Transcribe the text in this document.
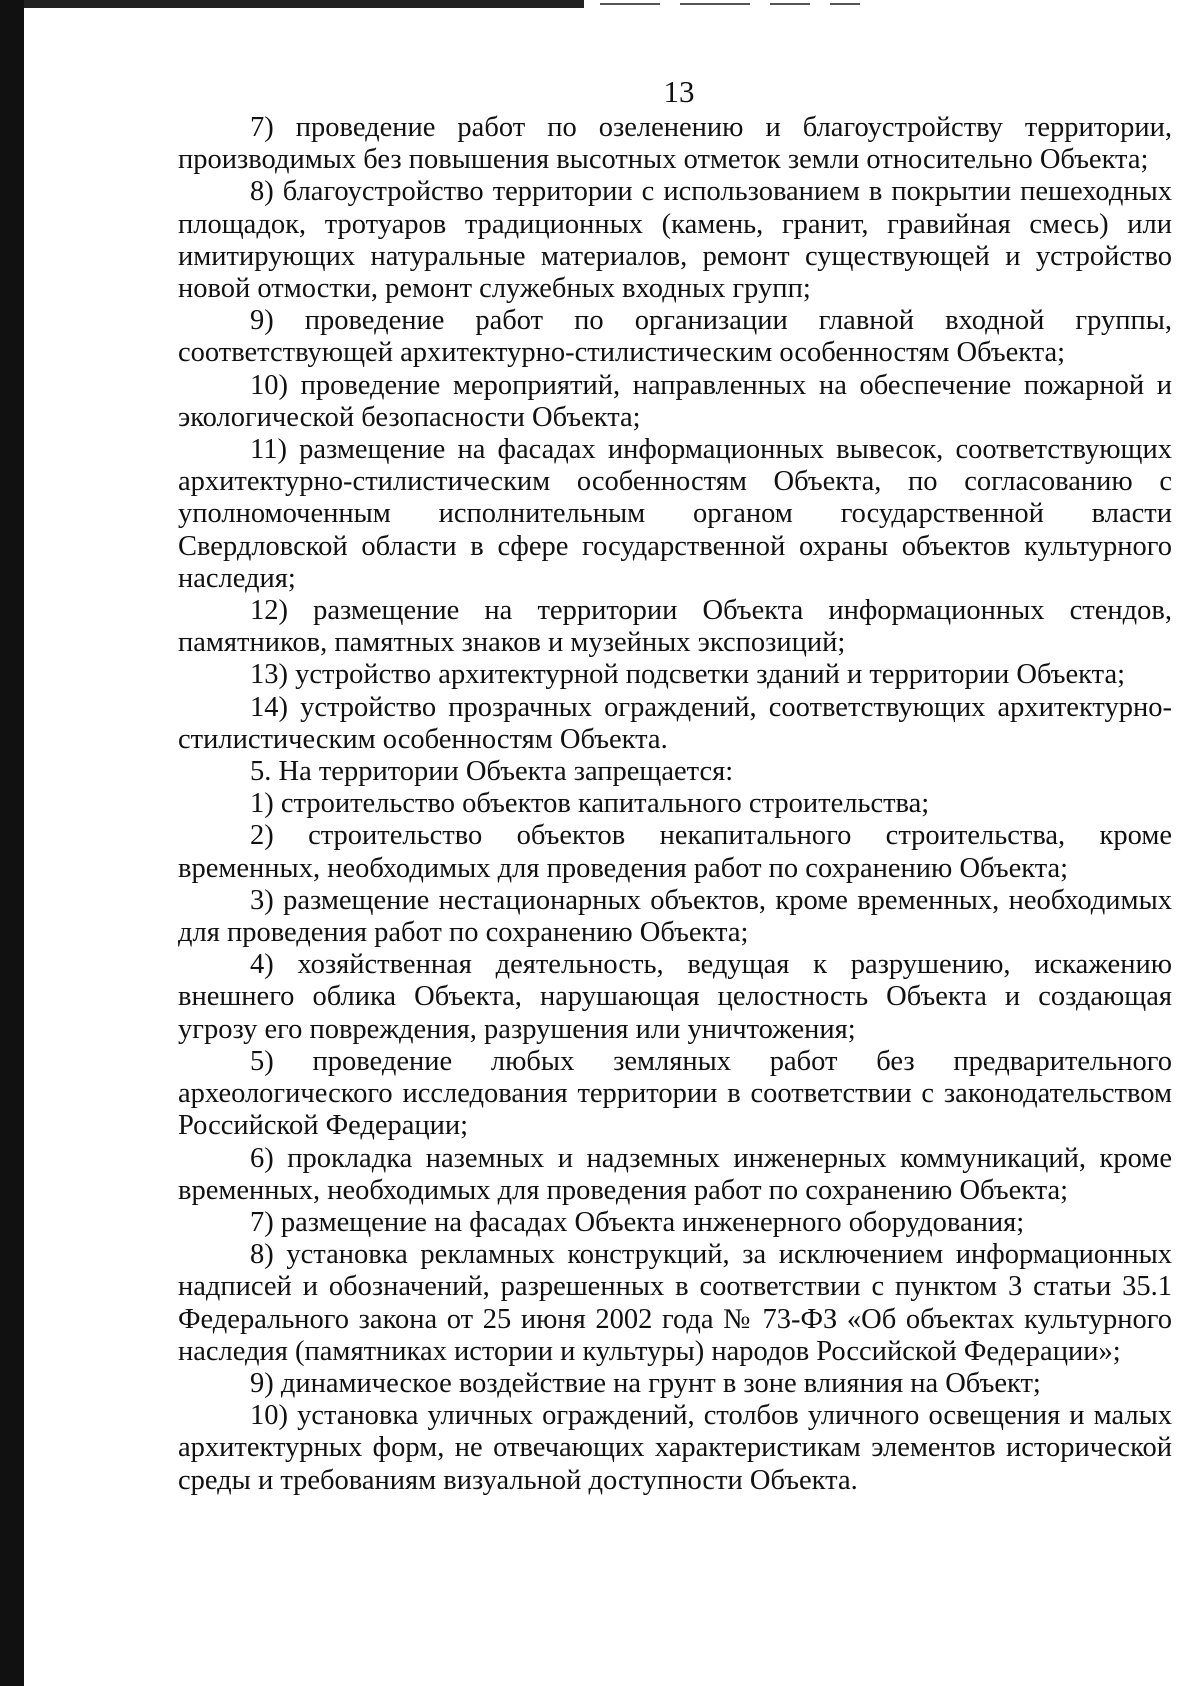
13

7) проведение работ по озеленению и благоустройству территории, производимых без повышения высотных отметок земли относительно Объекта;

8) благоустройство территории с использованием в покрытии пешеходных площадок, тротуаров традиционных (камень, гранит, гравийная смесь) или имитирующих натуральные материалов, ремонт существующей и устройство новой отмостки, ремонт служебных входных групп;

9) проведение работ по организации главной входной группы, соответствующей архитектурно-стилистическим особенностям Объекта;

10) проведение мероприятий, направленных на обеспечение пожарной и экологической безопасности Объекта;

11) размещение на фасадах информационных вывесок, соответствующих архитектурно-стилистическим особенностям Объекта, по согласованию с уполномоченным исполнительным органом государственной власти Свердловской области в сфере государственной охраны объектов культурного наследия;

12) размещение на территории Объекта информационных стендов, памятников, памятных знаков и музейных экспозиций;

13) устройство архитектурной подсветки зданий и территории Объекта;

14) устройство прозрачных ограждений, соответствующих архитектурно-стилистическим особенностям Объекта.

5. На территории Объекта запрещается:

1) строительство объектов капитального строительства;

2) строительство объектов некапитального строительства, кроме временных, необходимых для проведения работ по сохранению Объекта;

3) размещение нестационарных объектов, кроме временных, необходимых для проведения работ по сохранению Объекта;

4) хозяйственная деятельность, ведущая к разрушению, искажению внешнего облика Объекта, нарушающая целостность Объекта и создающая угрозу его повреждения, разрушения или уничтожения;

5) проведение любых земляных работ без предварительного археологического исследования территории в соответствии с законодательством Российской Федерации;

6) прокладка наземных и надземных инженерных коммуникаций, кроме временных, необходимых для проведения работ по сохранению Объекта;

7) размещение на фасадах Объекта инженерного оборудования;

8) установка рекламных конструкций, за исключением информационных надписей и обозначений, разрешенных в соответствии с пунктом 3 статьи 35.1 Федерального закона от 25 июня 2002 года № 73-ФЗ «Об объектах культурного наследия (памятниках истории и культуры) народов Российской Федерации»;

9) динамическое воздействие на грунт в зоне влияния на Объект;

10) установка уличных ограждений, столбов уличного освещения и малых архитектурных форм, не отвечающих характеристикам элементов исторической среды и требованиям визуальной доступности Объекта.
